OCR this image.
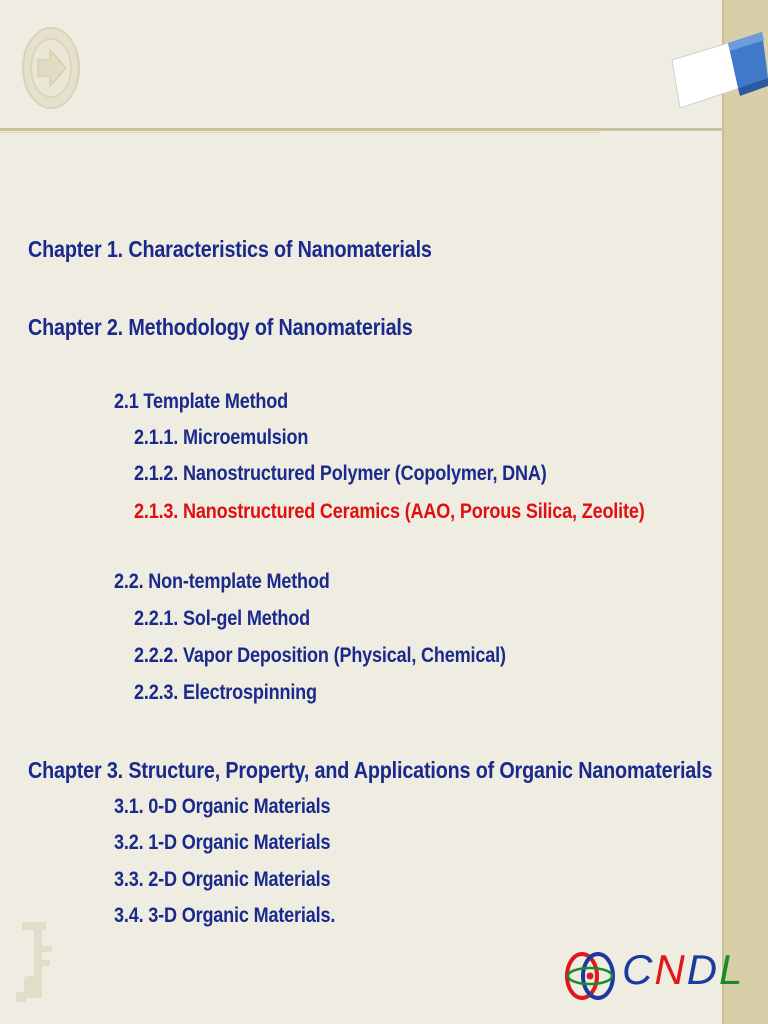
Chapter 1. Characteristics of Nanomaterials
Chapter 2. Methodology of Nanomaterials
2.1 Template Method
2.1.1. Microemulsion
2.1.2. Nanostructured Polymer (Copolymer, DNA)
2.1.3. Nanostructured Ceramics (AAO, Porous Silica, Zeolite)
2.2. Non-template Method
2.2.1. Sol-gel Method
2.2.2. Vapor Deposition (Physical, Chemical)
2.2.3. Electrospinning
Chapter 3. Structure, Property, and Applications of Organic Nanomaterials
3.1. 0-D Organic Materials
3.2. 1-D Organic Materials
3.3. 2-D Organic Materials
3.4. 3-D Organic Materials.
CNDL
